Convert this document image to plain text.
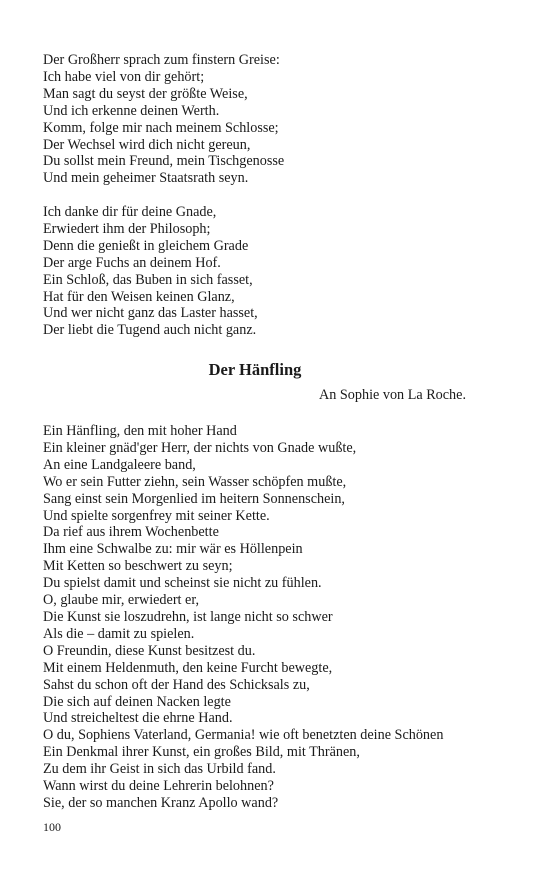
Der Großherr sprach zum finstern Greise:
Ich habe viel von dir gehört;
Man sagt du seyst der größte Weise,
Und ich erkenne deinen Werth.
Komm, folge mir nach meinem Schlosse;
Der Wechsel wird dich nicht gereun,
Du sollst mein Freund, mein Tischgenosse
Und mein geheimer Staatsrath seyn.
Ich danke dir für deine Gnade,
Erwiedert ihm der Philosoph;
Denn die genießt in gleichem Grade
Der arge Fuchs an deinem Hof.
Ein Schloß, das Buben in sich fasset,
Hat für den Weisen keinen Glanz,
Und wer nicht ganz das Laster hasset,
Der liebt die Tugend auch nicht ganz.
Der Hänfling
An Sophie von La Roche.
Ein Hänfling, den mit hoher Hand
Ein kleiner gnäd'ger Herr, der nichts von Gnade wußte,
An eine Landgaleere band,
Wo er sein Futter ziehn, sein Wasser schöpfen mußte,
Sang einst sein Morgenlied im heitern Sonnenschein,
Und spielte sorgenfrey mit seiner Kette.
Da rief aus ihrem Wochenbette
Ihm eine Schwalbe zu: mir wär es Höllenpein
Mit Ketten so beschwert zu seyn;
Du spielst damit und scheinst sie nicht zu fühlen.
O, glaube mir, erwiedert er,
Die Kunst sie loszudrehn, ist lange nicht so schwer
Als die – damit zu spielen.
O Freundin, diese Kunst besitzest du.
Mit einem Heldenmuth, den keine Furcht bewegte,
Sahst du schon oft der Hand des Schicksals zu,
Die sich auf deinen Nacken legte
Und streicheltest die ehrne Hand.
O du, Sophiens Vaterland, Germania! wie oft benetzten deine Schönen
Ein Denkmal ihrer Kunst, ein großes Bild, mit Thränen,
Zu dem ihr Geist in sich das Urbild fand.
Wann wirst du deine Lehrerin belohnen?
Sie, der so manchen Kranz Apollo wand?
100
